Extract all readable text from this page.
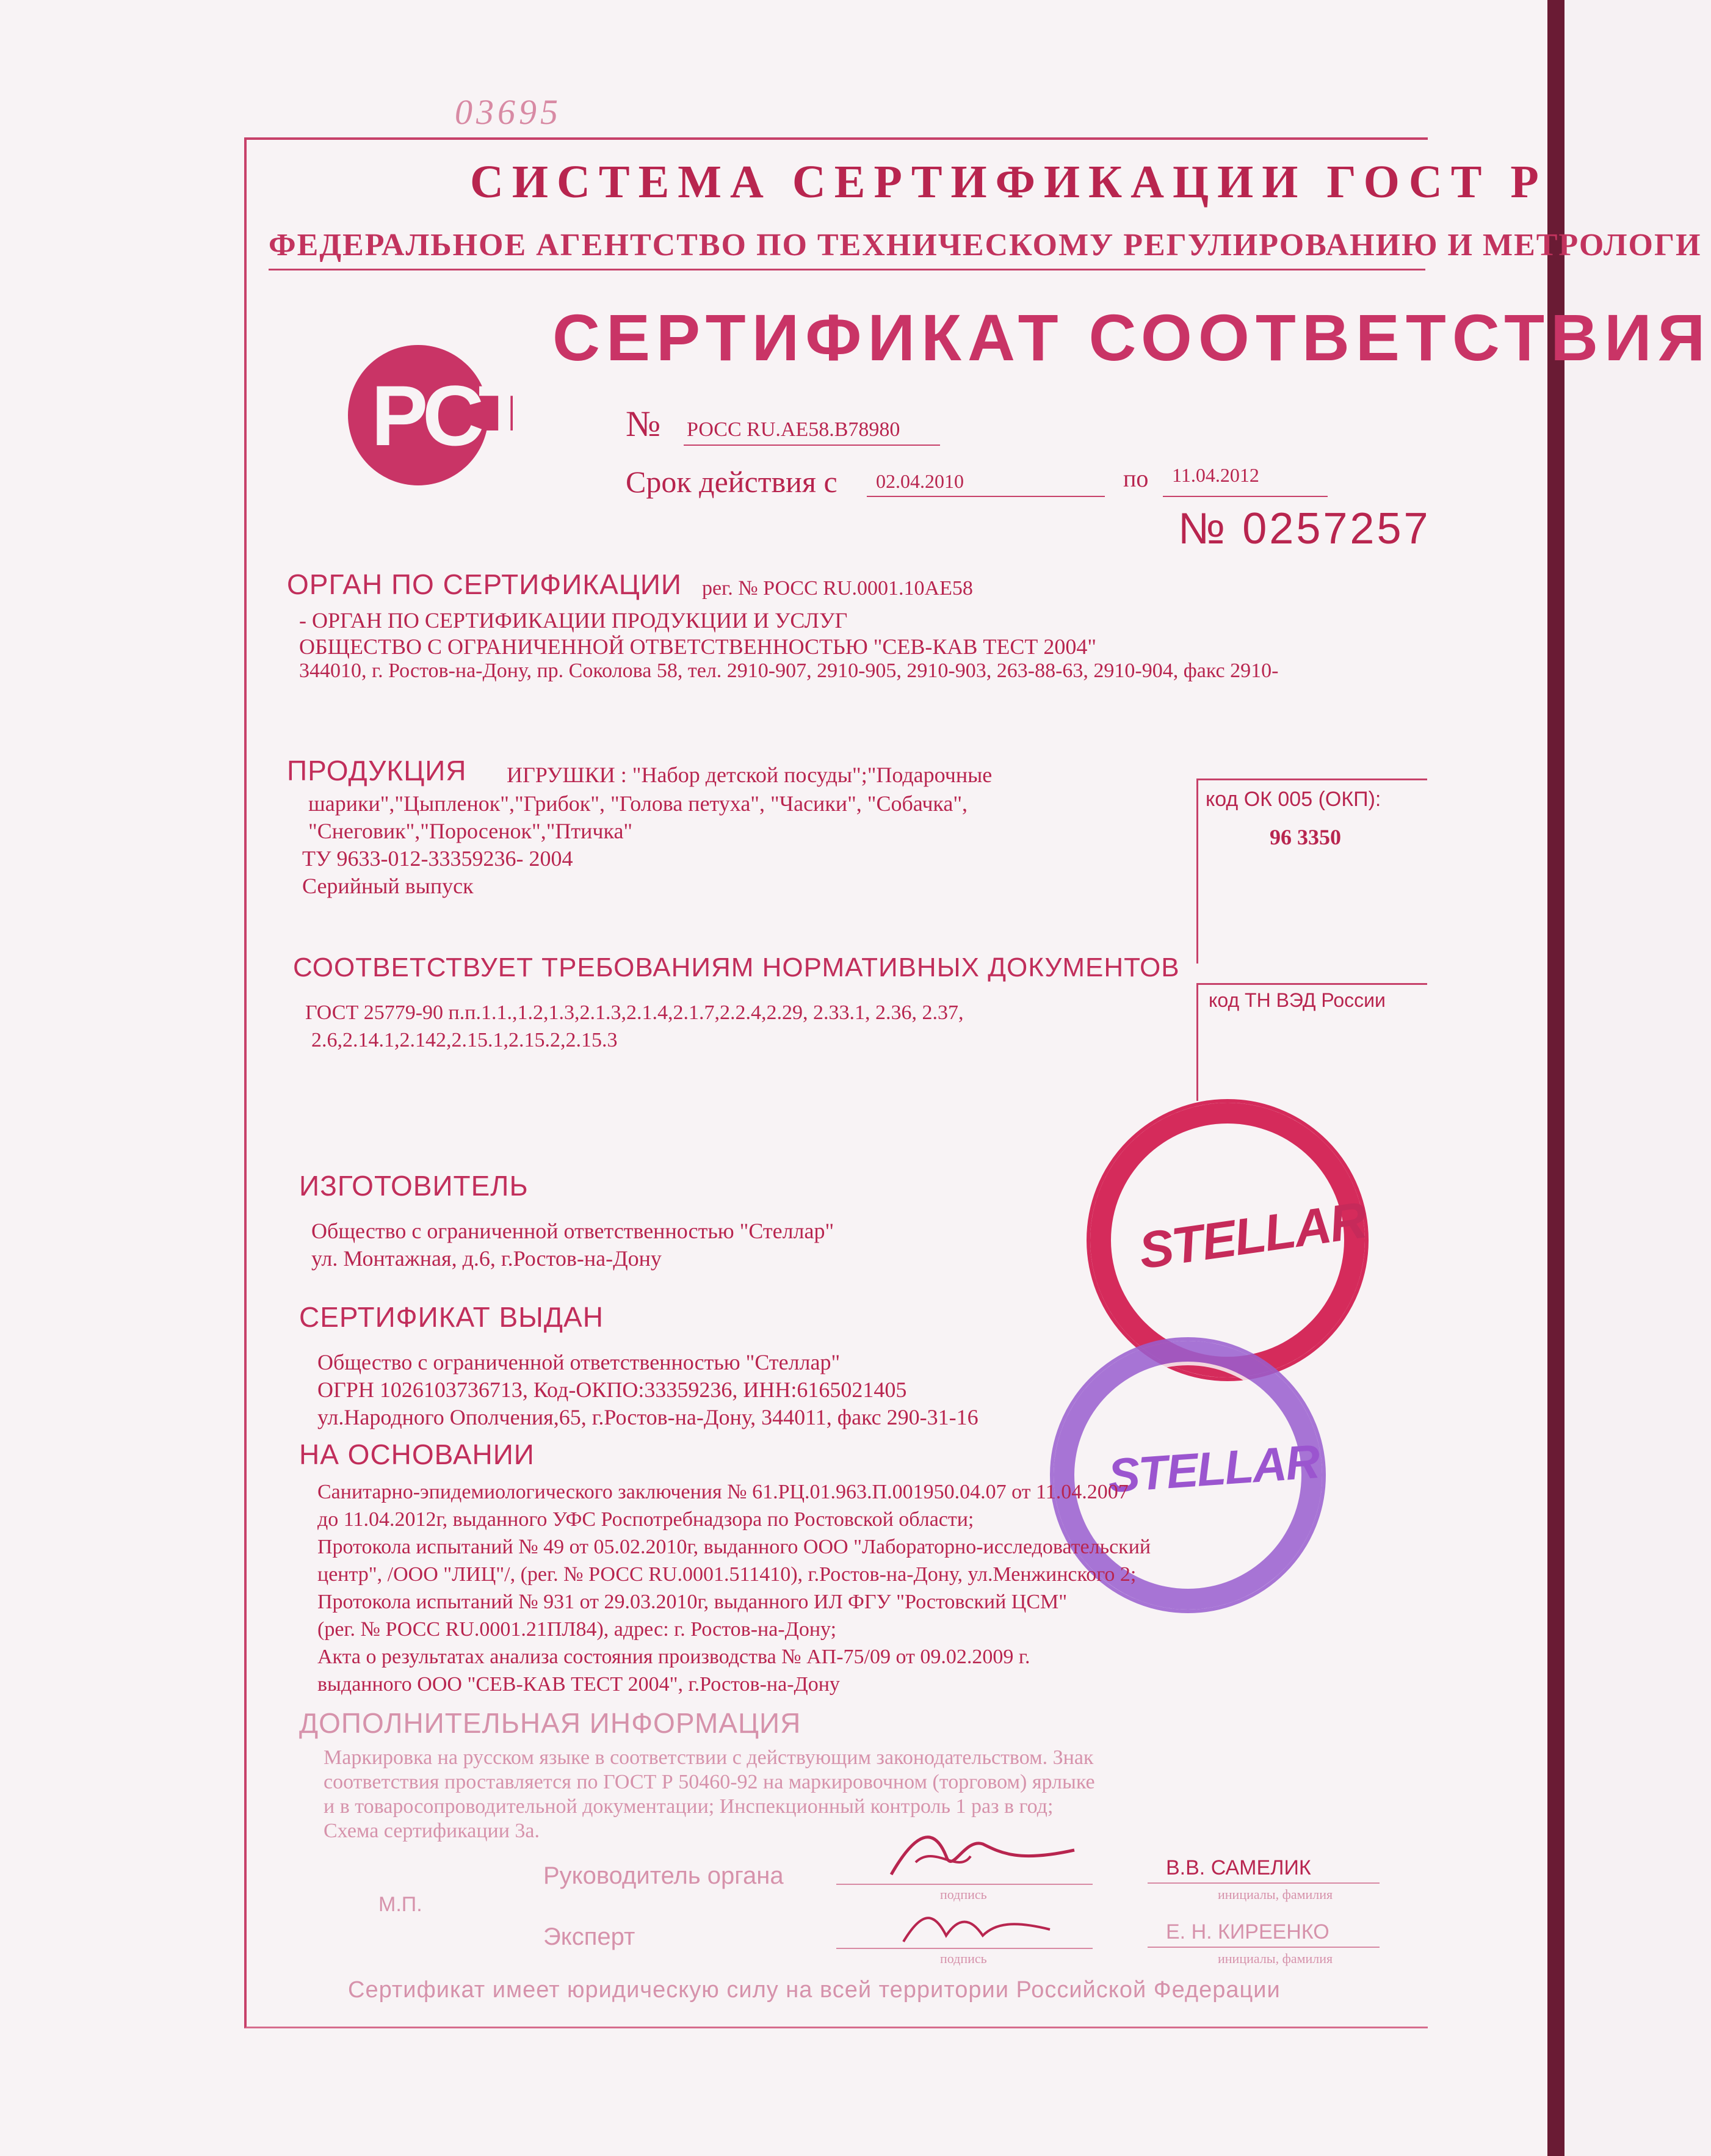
03695
СИСТЕМА СЕРТИФИКАЦИИ ГОСТ Р
ФЕДЕРАЛЬНОЕ АГЕНТСТВО ПО ТЕХНИЧЕСКОМУ РЕГУЛИРОВАНИЮ И МЕТРОЛОГИ
РСТ
СЕРТИФИКАТ СООТВЕТСТВИЯ
№ РОСС RU.АЕ58.В78980
Срок действия с 02.04.2010	по 11.04.2012
№ 0257257
ОРГАН ПО СЕРТИФИКАЦИИ рег. № РОСС RU.0001.10АЕ58
- ОРГАН ПО СЕРТИФИКАЦИИ ПРОДУКЦИИ И УСЛУГ
ОБЩЕСТВО С ОГРАНИЧЕННОЙ ОТВЕТСТВЕННОСТЬЮ "СЕВ-КАВ ТЕСТ 2004"
344010, г. Ростов-на-Дону, пр. Соколова 58, тел. 2910-907, 2910-905, 2910-903, 263-88-63, 2910-904, факс 2910-
ПРОДУКЦИЯ ИГРУШКИ : "Набор детской посуды";"Подарочные
шарики","Цыпленок","Грибок", "Голова петуха", "Часики", "Собачка",
"Снеговик","Поросенок","Птичка"
ТУ 9633-012-33359236- 2004
Серийный выпуск
код ОК 005 (ОКП):
96 3350
СООТВЕТСТВУЕТ ТРЕБОВАНИЯМ НОРМАТИВНЫХ ДОКУМЕНТОВ
ГОСТ 25779-90 п.п.1.1.,1.2,1.3,2.1.3,2.1.4,2.1.7,2.2.4,2.29, 2.33.1, 2.36, 2.37,
2.6,2.14.1,2.142,2.15.1,2.15.2,2.15.3
код ТН ВЭД России
STELLAR
STELLAR
ИЗГОТОВИТЕЛЬ
Общество с ограниченной ответственностью "Стеллар"
ул. Монтажная, д.6, г.Ростов-на-Дону
СЕРТИФИКАТ ВЫДАН
Общество с ограниченной ответственностью "Стеллар"
ОГРН 1026103736713, Код-ОКПО:33359236, ИНН:6165021405
ул.Народного Ополчения,65, г.Ростов-на-Дону, 344011, факс 290-31-16
НА ОСНОВАНИИ
Санитарно-эпидемиологического заключения № 61.РЦ.01.963.П.001950.04.07 от 11.04.2007
до 11.04.2012г, выданного УФС Роспотребнадзора по Ростовской области;
Протокола испытаний № 49 от 05.02.2010г, выданного ООО "Лабораторно-исследовательский
центр", /ООО "ЛИЦ"/, (рег. № РОСС RU.0001.511410), г.Ростов-на-Дону, ул.Менжинского 2;
Протокола испытаний № 931 от 29.03.2010г, выданного ИЛ ФГУ "Ростовский ЦСМ"
(рег. № РОСС RU.0001.21ПЛ84), адрес: г. Ростов-на-Дону;
Акта о результатах анализа состояния производства № АП-75/09 от 09.02.2009 г.
выданного ООО "СЕВ-КАВ ТЕСТ 2004", г.Ростов-на-Дону
ДОПОЛНИТЕЛЬНАЯ ИНФОРМАЦИЯ
Маркировка на русском языке в соответствии с действующим законодательством. Знак
соответствия проставляется по ГОСТ Р 50460-92 на маркировочном (торговом) ярлыке
и в товаросопроводительной документации; Инспекционный контроль 1 раз в год;
Схема сертификации 3а.
Руководитель органа
подпись
В.В. САМЕЛИК
инициалы, фамилия
М.П.
Эксперт
подпись
Е. Н. КИРЕЕНКО
инициалы, фамилия
Сертификат имеет юридическую силу на всей территории Российской Федерации
